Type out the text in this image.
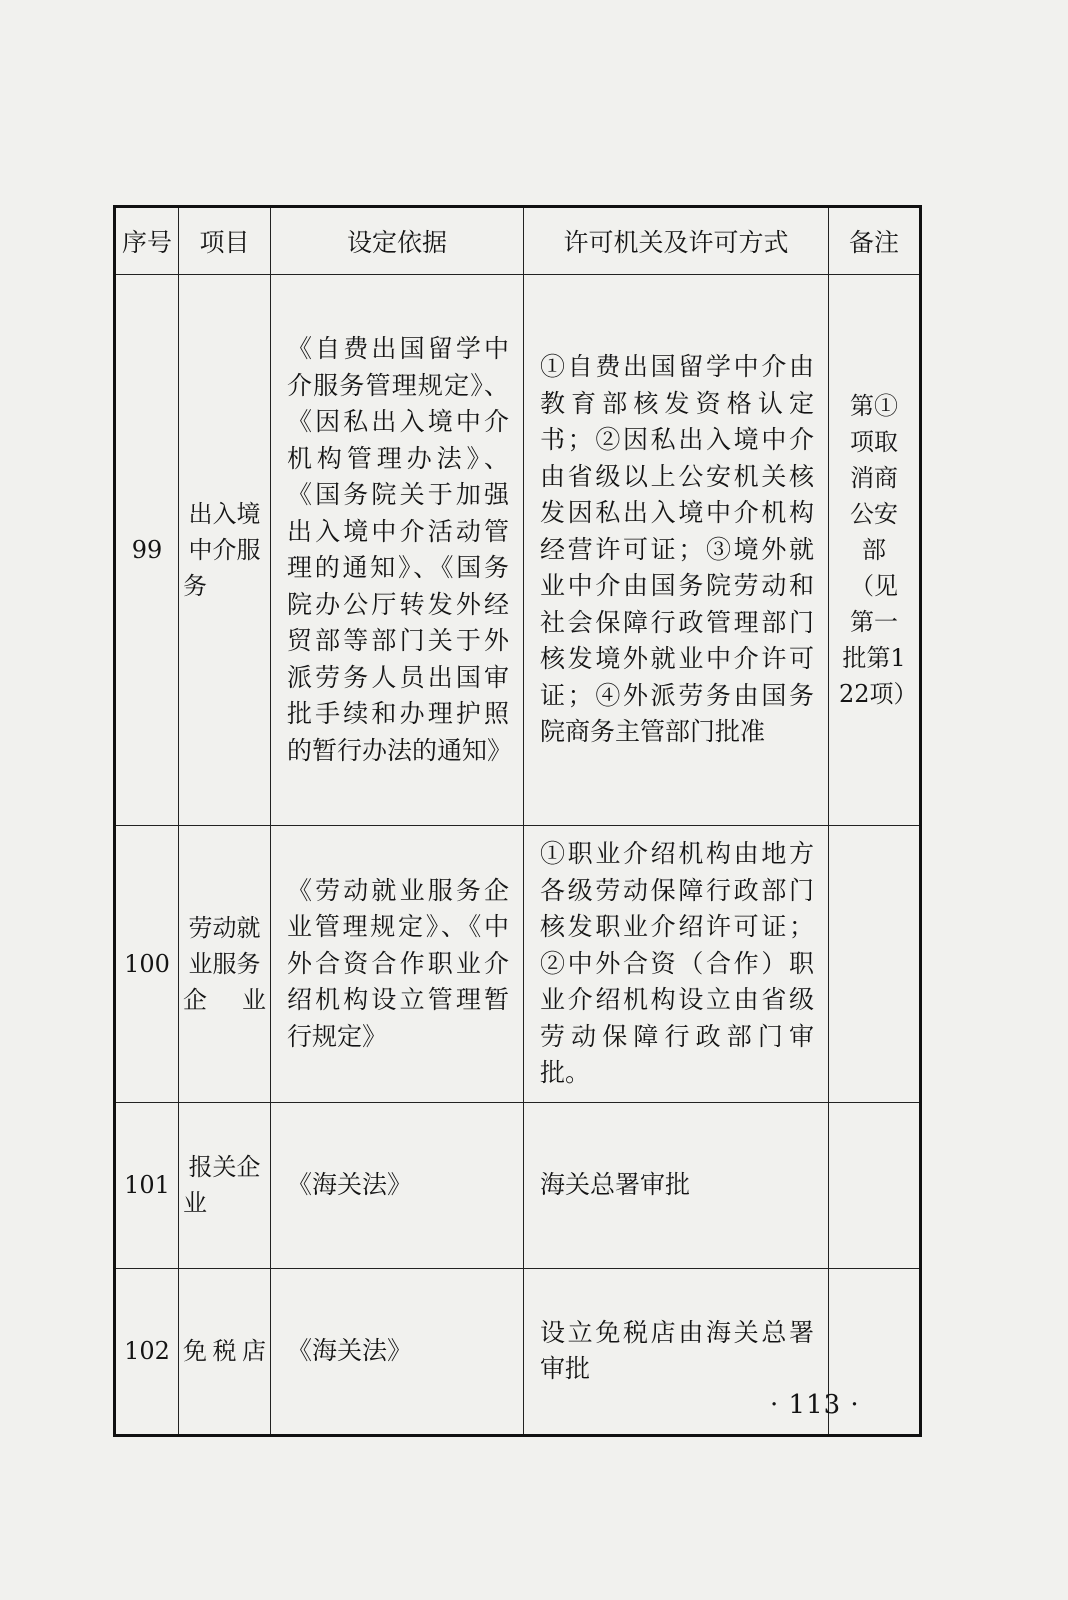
序号	项目	设定依据	许可机关及许可方式	备注
99	出入境中介服务	《自费出国留学中介服务管理规定》、《因私出入境中介机构管理办法》、《国务院关于加强出入境中介活动管理的通知》、《国务院办公厅转发外经贸部等部门关于外派劳务人员出国审批手续和办理护照的暂行办法的通知》	①自费出国留学中介由教育部核发资格认定书；②因私出入境中介由省级以上公安机关核发因私出入境中介机构经营许可证；③境外就业中介由国务院劳动和社会保障行政管理部门核发境外就业中介许可证；④外派劳务由国务院商务主管部门批准	第①项取消商公安部（见第一批第122项）
100	劳动就业服务企业	《劳动就业服务企业管理规定》、《中外合资合作职业介绍机构设立管理暂行规定》	①职业介绍机构由地方各级劳动保障行政部门核发职业介绍许可证；②中外合资（合作）职业介绍机构设立由省级劳动保障行政部门审批。	
101	报关企业	《海关法》	海关总署审批	
102	免税店	《海关法》	设立免税店由海关总署审批	
· 113 ·
